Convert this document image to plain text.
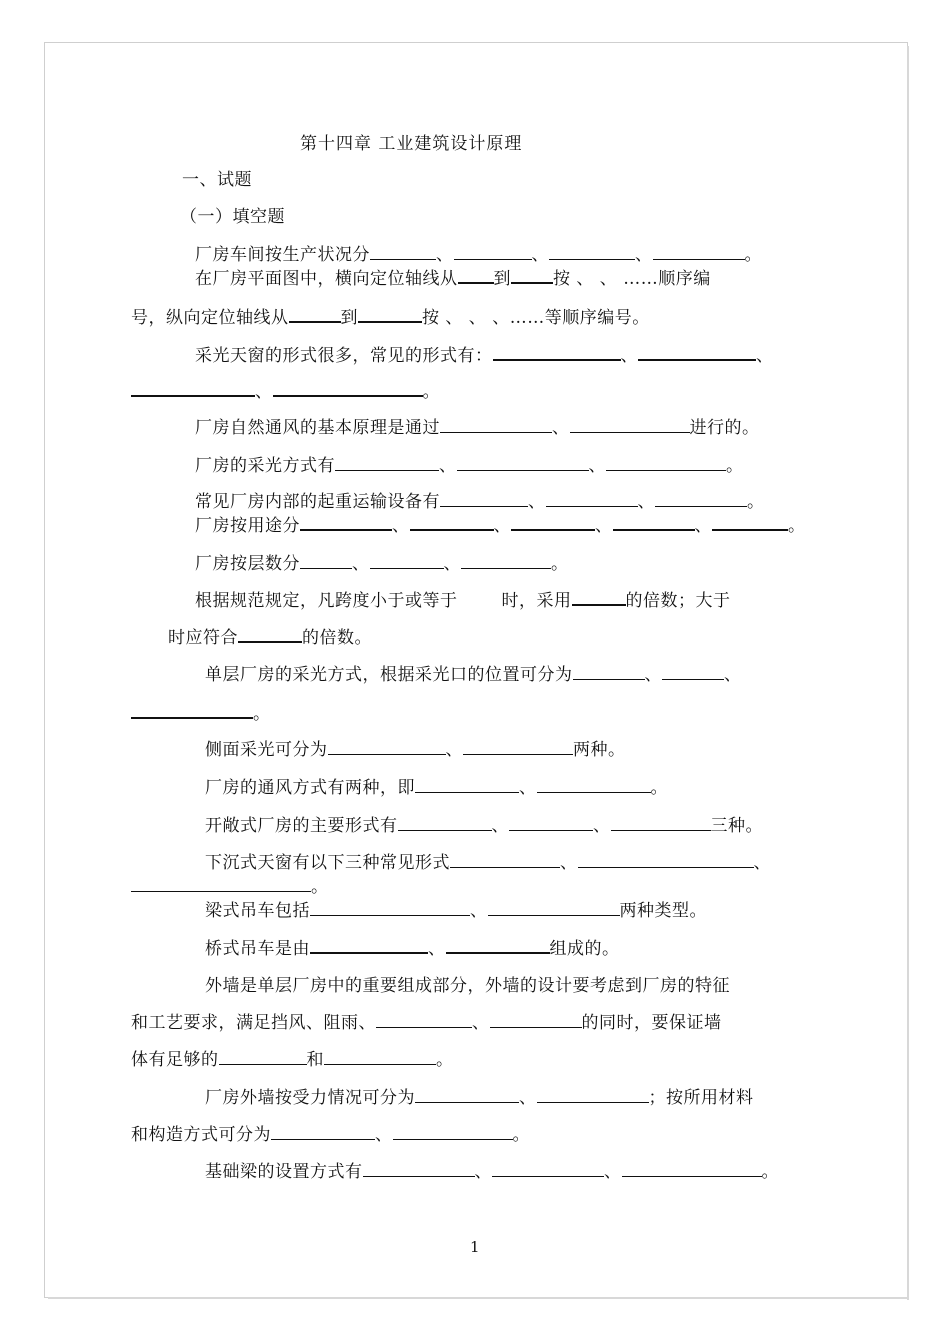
第十四章 工业建筑设计原理
一、试题
（一）填空题
厂房车间按生产状况分	、	、	、	。
在厂房平面图中，横向定位轴线从 到 按 、 、 ……顺序编
号，纵向定位轴线从	到	按 、 、 、……等顺序编号。
采光天窗的形式很多，常见的形式有：	、	、
、	。
厂房自然通风的基本原理是通过	、	进行的。
厂房的采光方式有	、	、	。
常见厂房内部的起重运输设备有	、	、	。
厂房按用途分	、	、	、	、	。
厂房按层数分	、	、	。
根据规范规定，凡跨度小于或等于	时，采用	的倍数；大于
时应符合	的倍数。
单层厂房的采光方式，根据采光口的位置可分为	、	、
。
侧面采光可分为	、	两种。
厂房的通风方式有两种，即	、	。
开敞式厂房的主要形式有	、	、	三种。
下沉式天窗有以下三种常见形式	、	、
。
梁式吊车包括	、	两种类型。
桥式吊车是由	、	组成的。
外墙是单层厂房中的重要组成部分，外墙的设计要考虑到厂房的特征
和工艺要求，满足挡风、阻雨、	、	的同时，要保证墙
体有足够的	和	。
厂房外墙按受力情况可分为	、	；按所用材料
和构造方式可分为	、	。
基础梁的设置方式有	、	、	。
1
